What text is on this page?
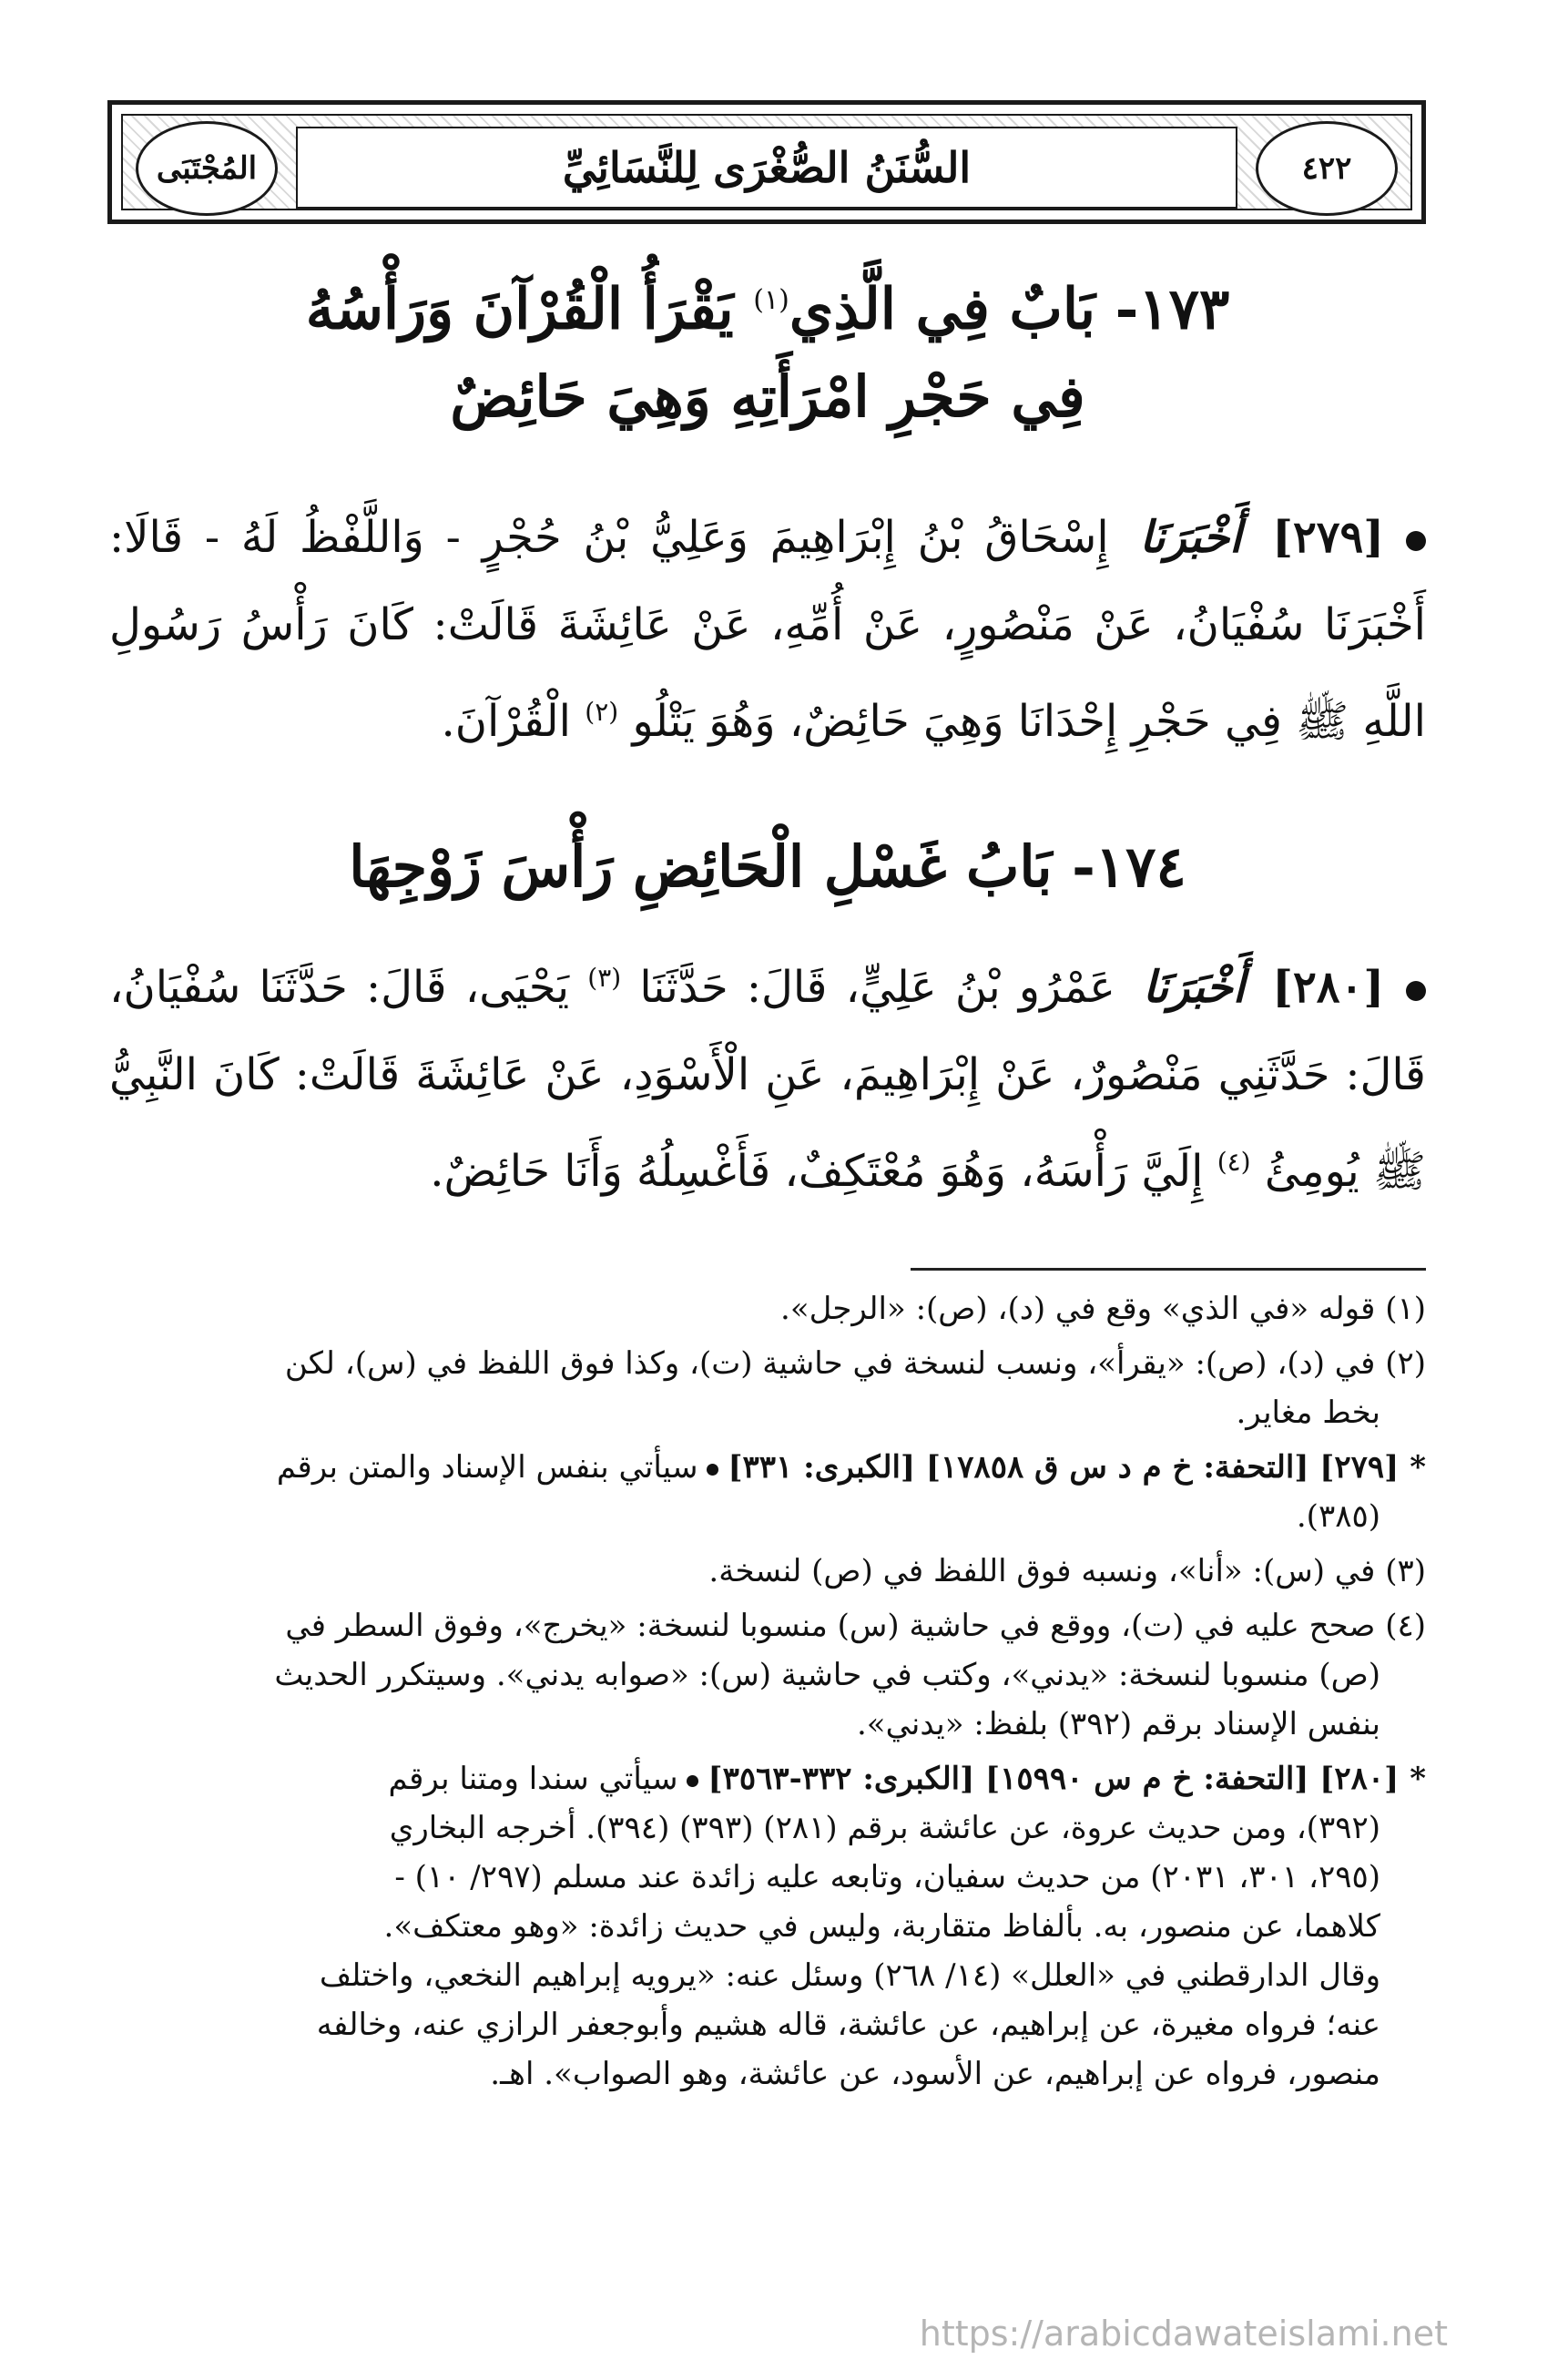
المُجْتَبَى	السُّنَنُ الصُّغْرَى لِلنَّسَائِيِّ	٤٢٢
١٧٣- بَابٌ فِي الَّذِي$^{(١)}$ يَقْرَأُ الْقُرْآنَ وَرَأْسُهُ
فِي حَجْرِ امْرَأَتِهِ وَهِيَ حَائِضٌ
[٢٧٩] أَخْبَرَنَا إِسْحَاقُ بْنُ إِبْرَاهِيمَ وَعَلِيُّ بْنُ حُجْرٍ - وَاللَّفْظُ لَهُ - قَالَا: أَخْبَرَنَا سُفْيَانُ، عَنْ مَنْصُورٍ، عَنْ أُمِّهِ، عَنْ عَائِشَةَ قَالَتْ: كَانَ رَأْسُ رَسُولِ اللَّهِ ﷺ فِي حَجْرِ إِحْدَانَا وَهِيَ حَائِضٌ، وَهُوَ يَتْلُو $^{(٢)}$ الْقُرْآنَ.
١٧٤- بَابُ غَسْلِ الْحَائِضِ رَأْسَ زَوْجِهَا
[٢٨٠] أَخْبَرَنَا عَمْرُو بْنُ عَلِيٍّ، قَالَ: حَدَّثَنَا $^{(٣)}$ يَحْيَى، قَالَ: حَدَّثَنَا سُفْيَانُ، قَالَ: حَدَّثَنِي مَنْصُورٌ، عَنْ إِبْرَاهِيمَ، عَنِ الْأَسْوَدِ، عَنْ عَائِشَةَ قَالَتْ: كَانَ النَّبِيُّ ﷺ يُومِئُ $^{(٤)}$ إِلَيَّ رَأْسَهُ، وَهُوَ مُعْتَكِفٌ، فَأَغْسِلُهُ وَأَنَا حَائِضٌ.
(١) قوله «في الذي» وقع في (د)، (ص): «الرجل».
(٢) في (د)، (ص): «يقرأ»، ونسب لنسخة في حاشية (ت)، وكذا فوق اللفظ في (س)، لكن
بخط مغاير.
*[٢٧٩] [التحفة: خ م د س ق ١٧٨٥٨] [الكبرى: ٣٣١]سيأتي بنفس الإسناد والمتن برقم
(٣٨٥).
(٣) في (س): «أنا»، ونسبه فوق اللفظ في (ص) لنسخة.
(٤) صحح عليه في (ت)، ووقع في حاشية (س) منسوبا لنسخة: «يخرج»، وفوق السطر في
(ص) منسوبا لنسخة: «يدني»، وكتب في حاشية (س): «صوابه يدني». وسيتكرر الحديث
بنفس الإسناد برقم (٣٩٢) بلفظ: «يدني».
*[٢٨٠] [التحفة: خ م س ١٥٩٩٠] [الكبرى: ٣٣٢-٣٥٦٣]سيأتي سندا ومتنا برقم
(٣٩٢)، ومن حديث عروة، عن عائشة برقم (٢٨١) (٣٩٣) (٣٩٤). أخرجه البخاري
(٢٩٥، ٣٠١، ٢٠٣١) من حديث سفيان، وتابعه عليه زائدة عند مسلم (٢٩٧/ ١٠) -
كلاهما، عن منصور، به. بألفاظ متقاربة، وليس في حديث زائدة: «وهو معتكف».
وقال الدارقطني في «العلل» (١٤/ ٢٦٨) وسئل عنه: «يرويه إبراهيم النخعي، واختلف
عنه؛ فرواه مغيرة، عن إبراهيم، عن عائشة، قاله هشيم وأبوجعفر الرازي عنه، وخالفه
منصور، فرواه عن إبراهيم، عن الأسود، عن عائشة، وهو الصواب». اهـ.
https://arabicdawateislami.net
